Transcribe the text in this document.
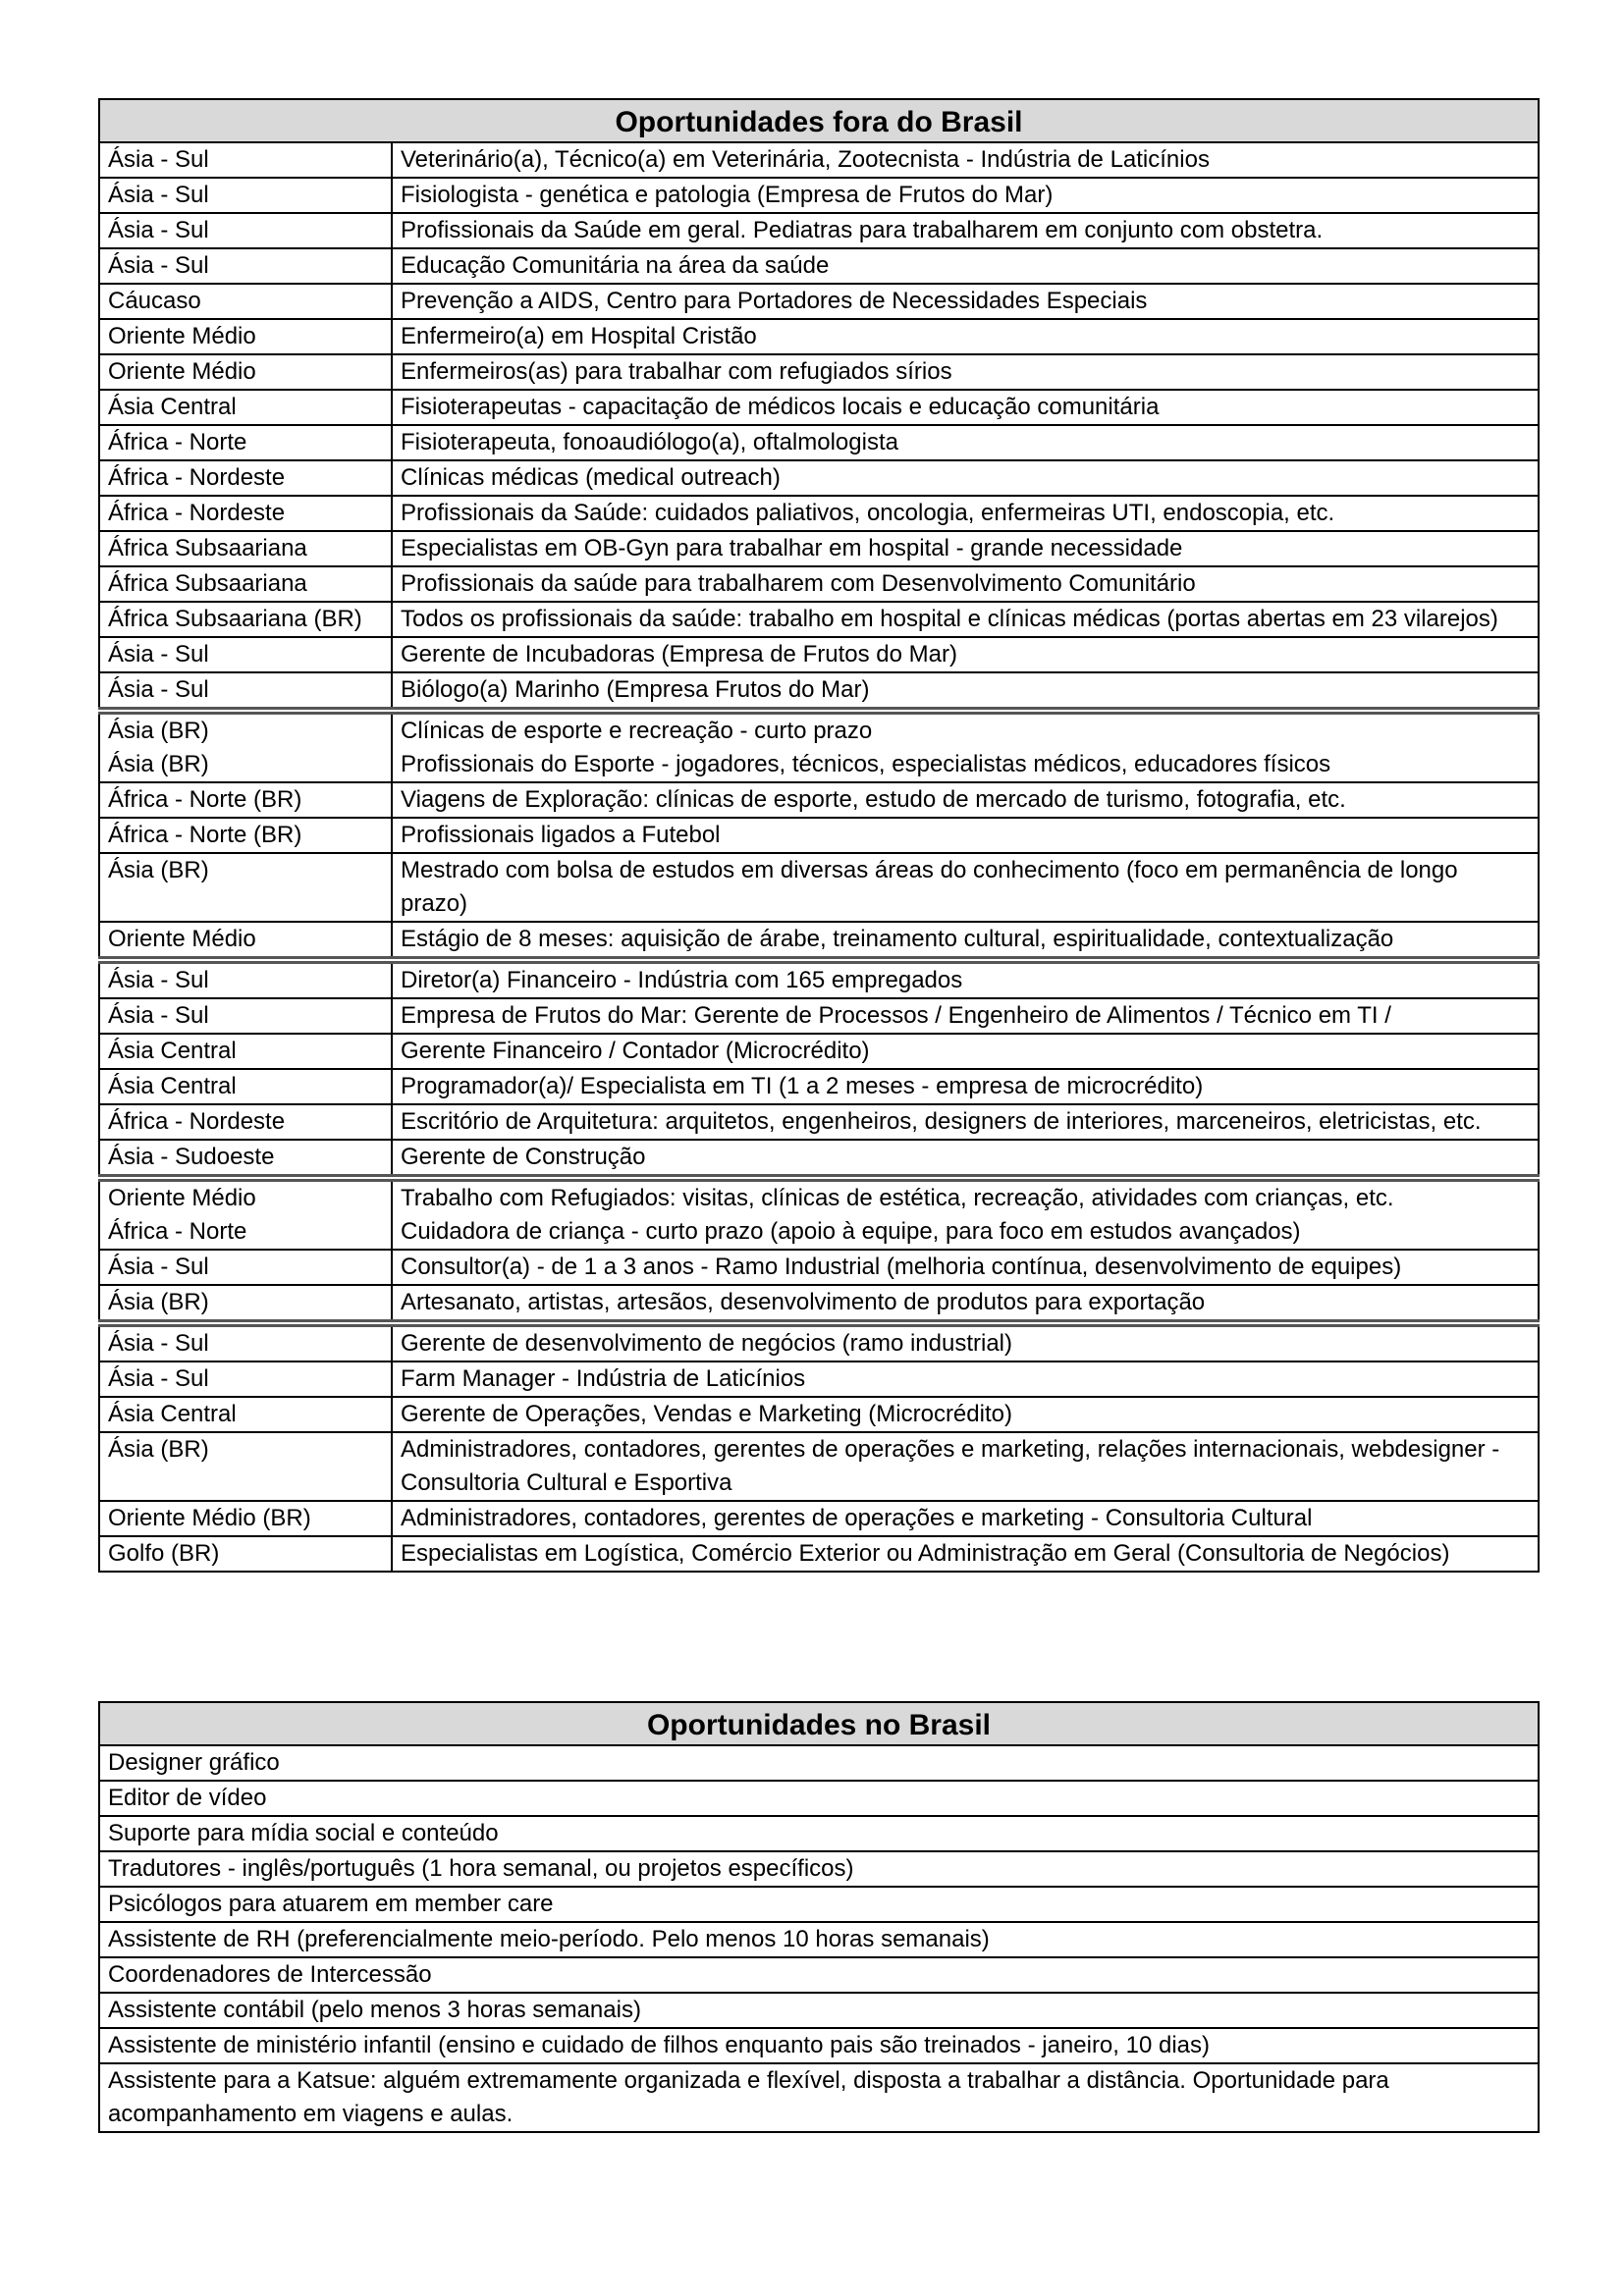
Oportunidades fora do Brasil	
Ásia - Sul	Veterinário(a), Técnico(a) em Veterinária, Zootecnista - Indústria de Laticínios
Ásia - Sul	Fisiologista - genética e patologia (Empresa de Frutos do Mar)
Ásia - Sul	Profissionais da Saúde em geral. Pediatras para trabalharem em conjunto com obstetra.
Ásia - Sul	Educação Comunitária na área da saúde
Cáucaso	Prevenção a AIDS, Centro para Portadores de Necessidades Especiais
Oriente Médio	Enfermeiro(a) em Hospital Cristão
Oriente Médio	Enfermeiros(as) para trabalhar com refugiados sírios
Ásia Central	Fisioterapeutas - capacitação de médicos locais e educação comunitária
África - Norte	Fisioterapeuta, fonoaudiólogo(a), oftalmologista
África - Nordeste	Clínicas médicas (medical outreach)
África - Nordeste	Profissionais da Saúde: cuidados paliativos, oncologia, enfermeiras UTI, endoscopia, etc.
África Subsaariana	Especialistas em OB-Gyn para trabalhar em hospital - grande necessidade
África Subsaariana	Profissionais da saúde para trabalharem com Desenvolvimento Comunitário
África Subsaariana (BR)	Todos os profissionais da saúde: trabalho em hospital e clínicas médicas (portas abertas em 23 vilarejos)
Ásia - Sul	Gerente de Incubadoras (Empresa de Frutos do Mar)
Ásia - Sul	Biólogo(a) Marinho (Empresa Frutos do Mar)
Ásia (BR)	Clínicas de esporte e recreação - curto prazo
Ásia (BR)	Profissionais do Esporte - jogadores, técnicos, especialistas médicos, educadores físicos
África - Norte (BR)	Viagens de Exploração: clínicas de esporte, estudo de mercado de turismo, fotografia, etc.
África - Norte (BR)	Profissionais ligados a Futebol
Ásia (BR)	Mestrado com bolsa de estudos em diversas áreas do conhecimento (foco em permanência de longo prazo)
Oriente Médio	Estágio de 8 meses: aquisição de árabe, treinamento cultural, espiritualidade, contextualização
Ásia - Sul	Diretor(a) Financeiro - Indústria com 165 empregados
Ásia - Sul	Empresa de Frutos do Mar: Gerente de Processos / Engenheiro de Alimentos / Técnico em TI /
Ásia Central	Gerente Financeiro / Contador (Microcrédito)
Ásia Central	Programador(a)/ Especialista em TI (1 a 2 meses - empresa de microcrédito)
África - Nordeste	Escritório de Arquitetura: arquitetos, engenheiros, designers de interiores, marceneiros, eletricistas, etc.
Ásia - Sudoeste	Gerente de Construção
Oriente Médio	Trabalho com Refugiados: visitas, clínicas de estética, recreação, atividades com crianças, etc.
África - Norte	Cuidadora de criança - curto prazo (apoio à equipe, para foco em estudos avançados)
Ásia - Sul	Consultor(a) - de 1 a 3 anos - Ramo Industrial (melhoria contínua, desenvolvimento de equipes)
Ásia (BR)	Artesanato, artistas, artesãos, desenvolvimento de produtos para exportação
Ásia - Sul	Gerente de desenvolvimento de negócios (ramo industrial)
Ásia - Sul	Farm Manager - Indústria de Laticínios
Ásia Central	Gerente de Operações, Vendas e Marketing (Microcrédito)
Ásia (BR)	Administradores, contadores, gerentes de operações e marketing, relações internacionais, webdesigner - Consultoria Cultural e Esportiva
Oriente Médio (BR)	Administradores, contadores, gerentes de operações e marketing - Consultoria Cultural
Golfo (BR)	Especialistas em Logística, Comércio Exterior ou Administração em Geral (Consultoria de Negócios)
Oportunidades no Brasil
Designer gráfico
Editor de vídeo
Suporte para mídia social e conteúdo
Tradutores - inglês/português (1 hora semanal, ou projetos específicos)
Psicólogos para atuarem em member care
Assistente de RH (preferencialmente meio-período. Pelo menos 10 horas semanais)
Coordenadores de Intercessão
Assistente contábil (pelo menos 3 horas semanais)
Assistente de ministério infantil (ensino e cuidado de filhos enquanto pais são treinados - janeiro, 10 dias)
Assistente para a Katsue: alguém extremamente organizada e flexível, disposta a trabalhar a distância. Oportunidade para acompanhamento em viagens e aulas.
